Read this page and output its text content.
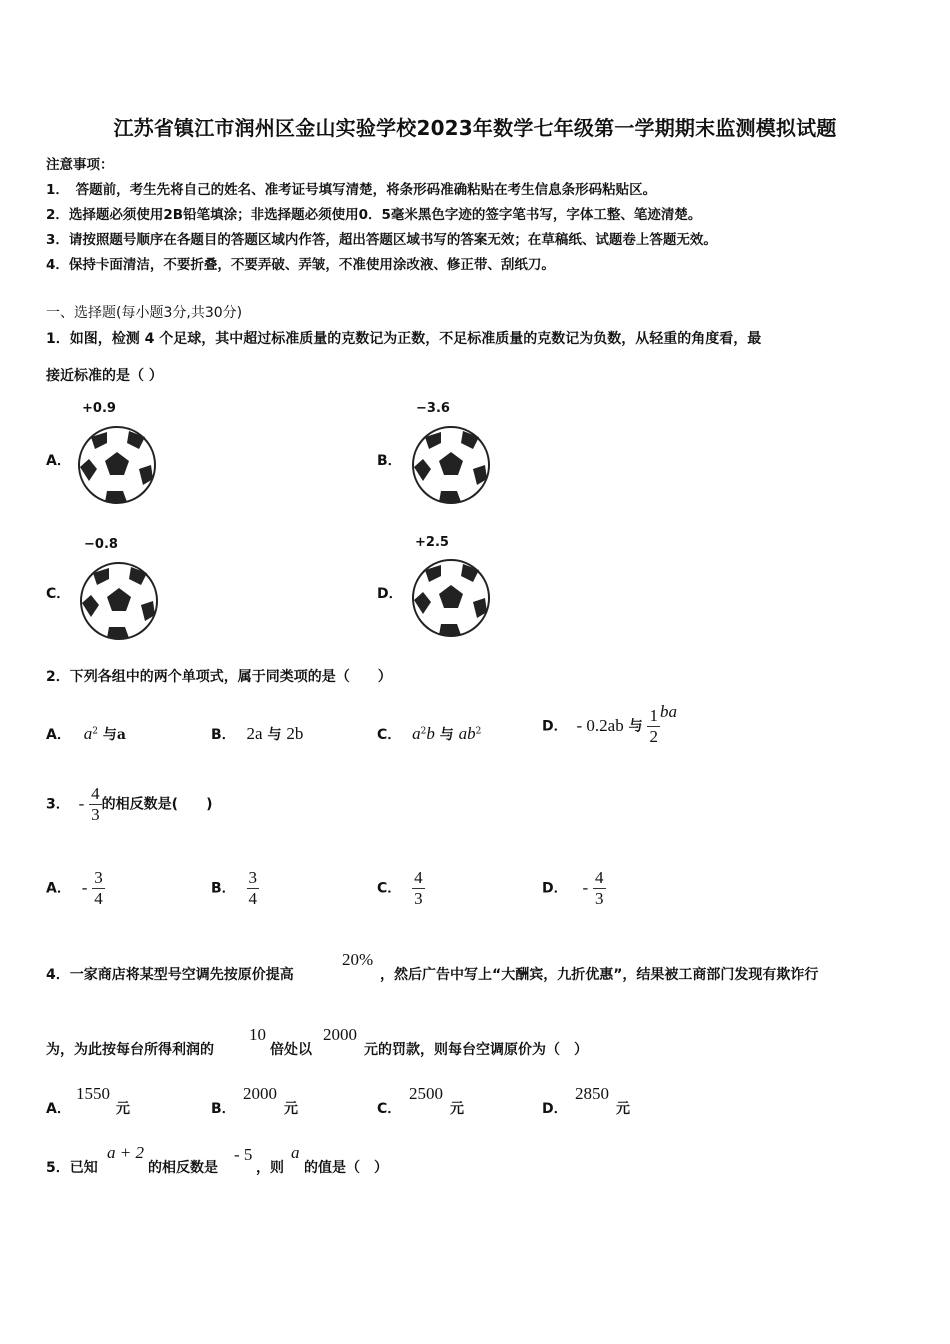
江苏省镇江市润州区金山实验学校2023年数学七年级第一学期期末监测模拟试题
注意事项：
1．　答题前，考生先将自己的姓名、准考证号填写清楚，将条形码准确粘贴在考生信息条形码粘贴区。
2．选择题必须使用2B铅笔填涂；非选择题必须使用0．5毫米黑色字迹的签字笔书写，字体工整、笔迹清楚。
3．请按照题号顺序在各题目的答题区域内作答，超出答题区域书写的答案无效；在草稿纸、试题卷上答题无效。
4．保持卡面清洁，不要折叠，不要弄破、弄皱，不准使用涂改液、修正带、刮纸刀。
一、选择题(每小题3分,共30分)
1．如图，检测 4 个足球，其中超过标准质量的克数记为正数，不足标准质量的克数记为负数，从轻重的角度看，最
接近标准的是（ ）
A．
+0.9
B．
−3.6
C．
−0.8
D．
+2.5
2．下列各组中的两个单项式，属于同类项的是（　　）
A． $a^2$ 与a	B． 2a 与 2b	C． $a^2b$ 与 $ab^2$	D． - 0.2ab 与 $\frac{1}{2}$ ba
3． - $\frac{4}{3}$ 的相反数是(　　)
A． - $\frac{3}{4}$	B． $\frac{3}{4}$	C． $\frac{4}{3}$	D． - $\frac{4}{3}$
4．一家商店将某型号空调先按原价提高
20%
，然后广告中写上“大酬宾，九折优惠”，结果被工商部门发现有欺诈行
为，为此按每台所得利润的
10
倍处以
2000
元的罚款，则每台空调原价为（　）
A．
1550
元	B．
2000
元	C．
2500
元	D．
2850
元
5．已知
a + 2
的相反数是
- 5
，则
a
的值是（　）
